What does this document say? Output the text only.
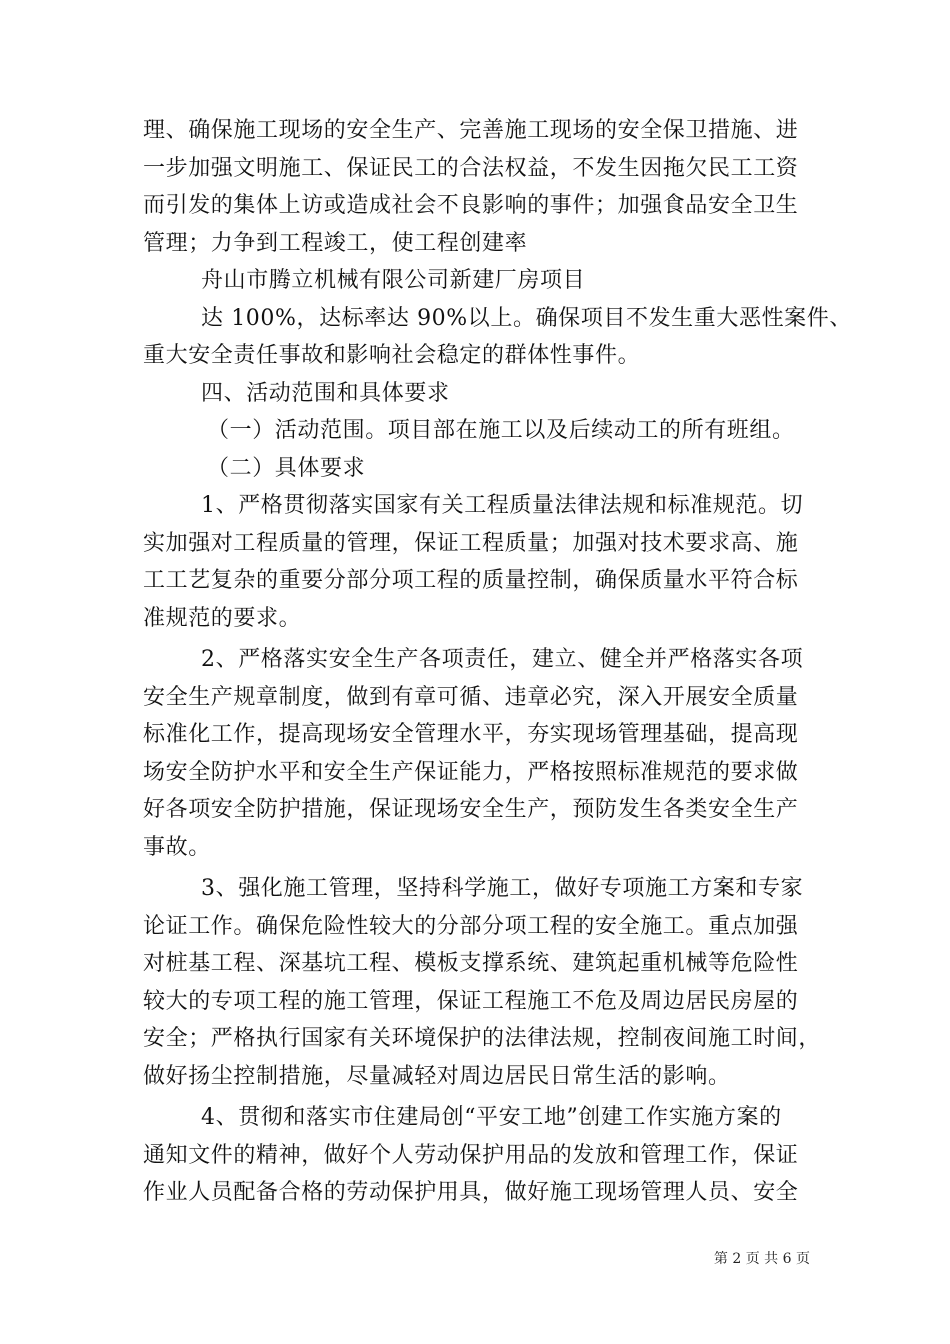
理、确保施工现场的安全生产、完善施工现场的安全保卫措施、进
一步加强文明施工、保证民工的合法权益，不发生因拖欠民工工资
而引发的集体上访或造成社会不良影响的事件；加强食品安全卫生
管理；力争到工程竣工，使工程创建率
舟山市腾立机械有限公司新建厂房项目
达 100%，达标率达 90%以上。确保项目不发生重大恶性案件、
重大安全责任事故和影响社会稳定的群体性事件。
四、活动范围和具体要求
（一）活动范围。项目部在施工以及后续动工的所有班组。
（二）具体要求
1、严格贯彻落实国家有关工程质量法律法规和标准规范。切
实加强对工程质量的管理，保证工程质量；加强对技术要求高、施
工工艺复杂的重要分部分项工程的质量控制，确保质量水平符合标
准规范的要求。
2、严格落实安全生产各项责任，建立、健全并严格落实各项
安全生产规章制度，做到有章可循、违章必究，深入开展安全质量
标准化工作，提高现场安全管理水平，夯实现场管理基础，提高现
场安全防护水平和安全生产保证能力，严格按照标准规范的要求做
好各项安全防护措施，保证现场安全生产，预防发生各类安全生产
事故。
3、强化施工管理，坚持科学施工，做好专项施工方案和专家
论证工作。确保危险性较大的分部分项工程的安全施工。重点加强
对桩基工程、深基坑工程、模板支撑系统、建筑起重机械等危险性
较大的专项工程的施工管理，保证工程施工不危及周边居民房屋的
安全；严格执行国家有关环境保护的法律法规，控制夜间施工时间，
做好扬尘控制措施，尽量减轻对周边居民日常生活的影响。
4、贯彻和落实市住建局创“平安工地”创建工作实施方案的
通知文件的精神，做好个人劳动保护用品的发放和管理工作，保证
作业人员配备合格的劳动保护用具，做好施工现场管理人员、安全
第 2 页 共 6 页
